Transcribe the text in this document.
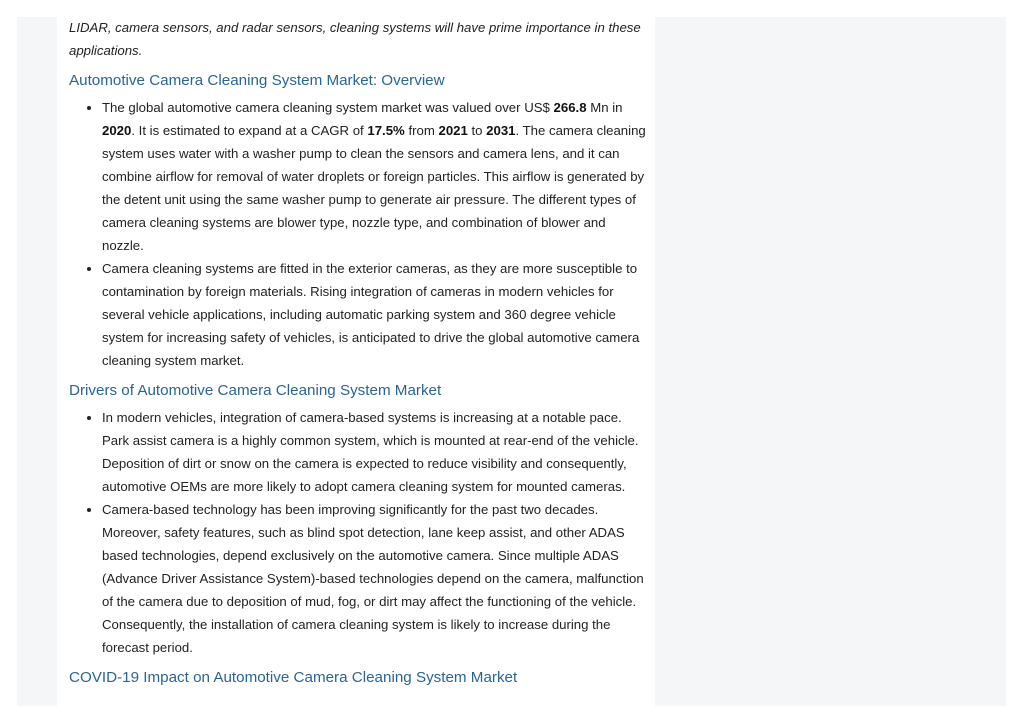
LIDAR, camera sensors, and radar sensors, cleaning systems will have prime importance in these applications.

Automotive Camera Cleaning System Market: Overview
• The global automotive camera cleaning system market was valued over US$ 266.8 Mn in 2020. It is estimated to expand at a CAGR of 17.5% from 2021 to 2031. The camera cleaning system uses water with a washer pump to clean the sensors and camera lens, and it can combine airflow for removal of water droplets or foreign particles. This airflow is generated by the detent unit using the same washer pump to generate air pressure. The different types of camera cleaning systems are blower type, nozzle type, and combination of blower and nozzle.
• Camera cleaning systems are fitted in the exterior cameras, as they are more susceptible to contamination by foreign materials. Rising integration of cameras in modern vehicles for several vehicle applications, including automatic parking system and 360 degree vehicle system for increasing safety of vehicles, is anticipated to drive the global automotive camera cleaning system market.
Drivers of Automotive Camera Cleaning System Market
• In modern vehicles, integration of camera-based systems is increasing at a notable pace. Park assist camera is a highly common system, which is mounted at rear-end of the vehicle. Deposition of dirt or snow on the camera is expected to reduce visibility and consequently, automotive OEMs are more likely to adopt camera cleaning system for mounted cameras.
• Camera-based technology has been improving significantly for the past two decades. Moreover, safety features, such as blind spot detection, lane keep assist, and other ADAS based technologies, depend exclusively on the automotive camera. Since multiple ADAS (Advance Driver Assistance System)-based technologies depend on the camera, malfunction of the camera due to deposition of mud, fog, or dirt may affect the functioning of the vehicle. Consequently, the installation of camera cleaning system is likely to increase during the forecast period.
COVID-19 Impact on Automotive Camera Cleaning System Market
